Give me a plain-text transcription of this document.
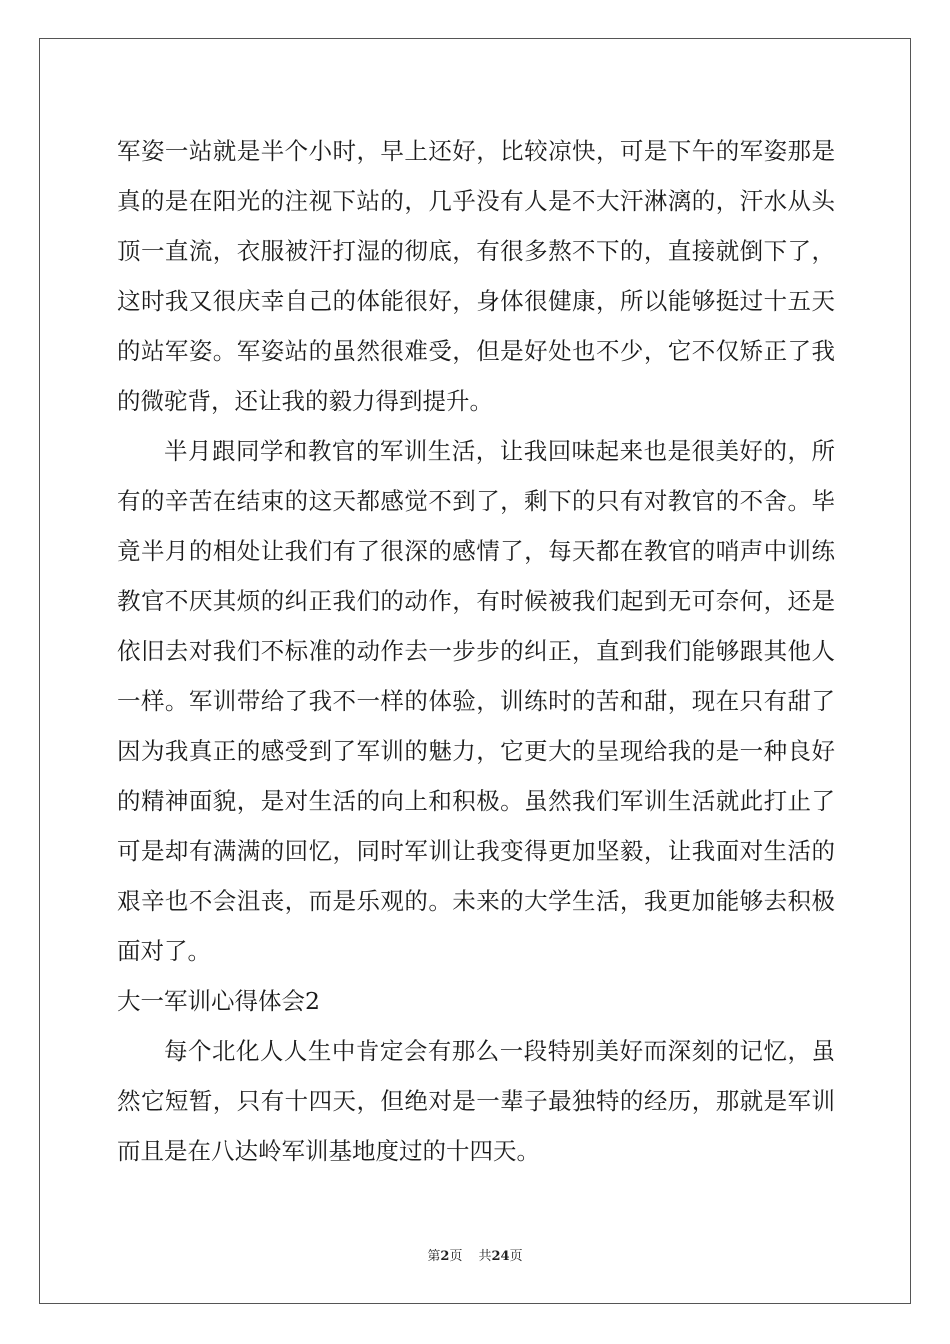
军姿一站就是半个小时，早上还好，比较凉快，可是下午的军姿那是
真的是在阳光的注视下站的，几乎没有人是不大汗淋漓的，汗水从头
顶一直流，衣服被汗打湿的彻底，有很多熬不下的，直接就倒下了，
这时我又很庆幸自己的体能很好，身体很健康，所以能够挺过十五天
的站军姿。军姿站的虽然很难受，但是好处也不少，它不仅矫正了我
的微驼背，还让我的毅力得到提升。
半月跟同学和教官的军训生活，让我回味起来也是很美好的，所
有的辛苦在结束的这天都感觉不到了，剩下的只有对教官的不舍。毕
竟半月的相处让我们有了很深的感情了，每天都在教官的哨声中训练
教官不厌其烦的纠正我们的动作，有时候被我们起到无可奈何，还是
依旧去对我们不标准的动作去一步步的纠正，直到我们能够跟其他人
一样。军训带给了我不一样的体验，训练时的苦和甜，现在只有甜了
因为我真正的感受到了军训的魅力，它更大的呈现给我的是一种良好
的精神面貌，是对生活的向上和积极。虽然我们军训生活就此打止了
可是却有满满的回忆，同时军训让我变得更加坚毅，让我面对生活的
艰辛也不会沮丧，而是乐观的。未来的大学生活，我更加能够去积极
面对了。
大一军训心得体会2
每个北化人人生中肯定会有那么一段特别美好而深刻的记忆，虽
然它短暂，只有十四天，但绝对是一辈子最独特的经历，那就是军训
而且是在八达岭军训基地度过的十四天。
第2页 共24页
